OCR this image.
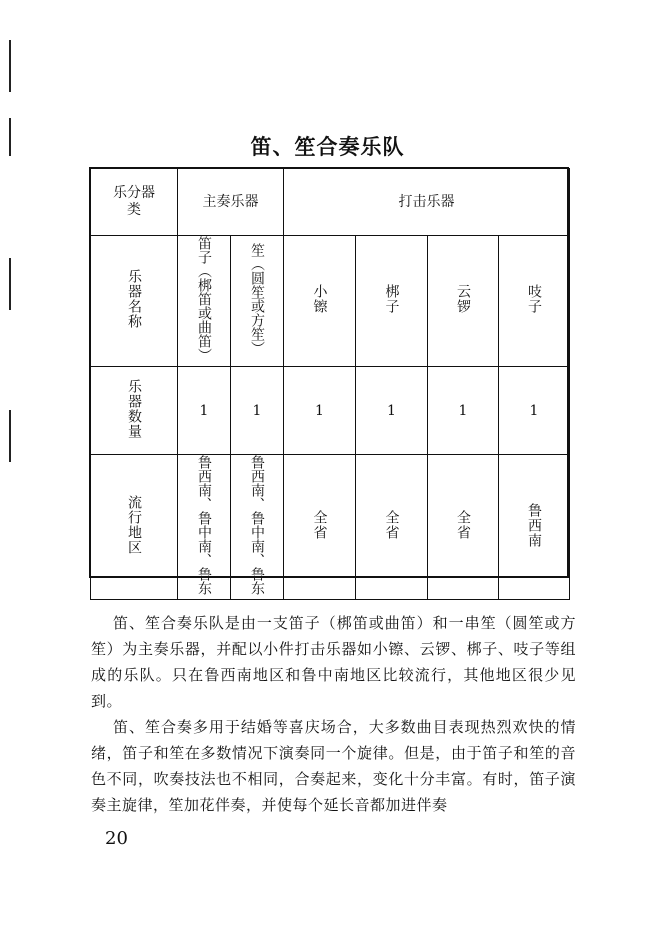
笛、笙合奏乐队
乐分器类	主奏乐器		打击乐器			
乐器名称	笛子（梆笛或曲笛）	笙（圆笙或方笙）	小镲	梆子	云锣	吱子
乐器数量	1	1	1	1	1	1
流行地区	鲁西南、鲁中南、鲁东	鲁西南、鲁中南、鲁东	全省	全省	全省	鲁西南

笛、笙合奏乐队是由一支笛子（梆笛或曲笛）和一串笙（圆笙或方笙）为主奏乐器，并配以小件打击乐器如小镲、云锣、梆子、吱子等组成的乐队。只在鲁西南地区和鲁中南地区比较流行，其他地区很少见到。

笛、笙合奏多用于结婚等喜庆场合，大多数曲目表现热烈欢快的情绪，笛子和笙在多数情况下演奏同一个旋律。但是，由于笛子和笙的音色不同，吹奏技法也不相同，合奏起来，变化十分丰富。有时，笛子演奏主旋律，笙加花伴奏，并使每个延长音都加进伴奏

20
